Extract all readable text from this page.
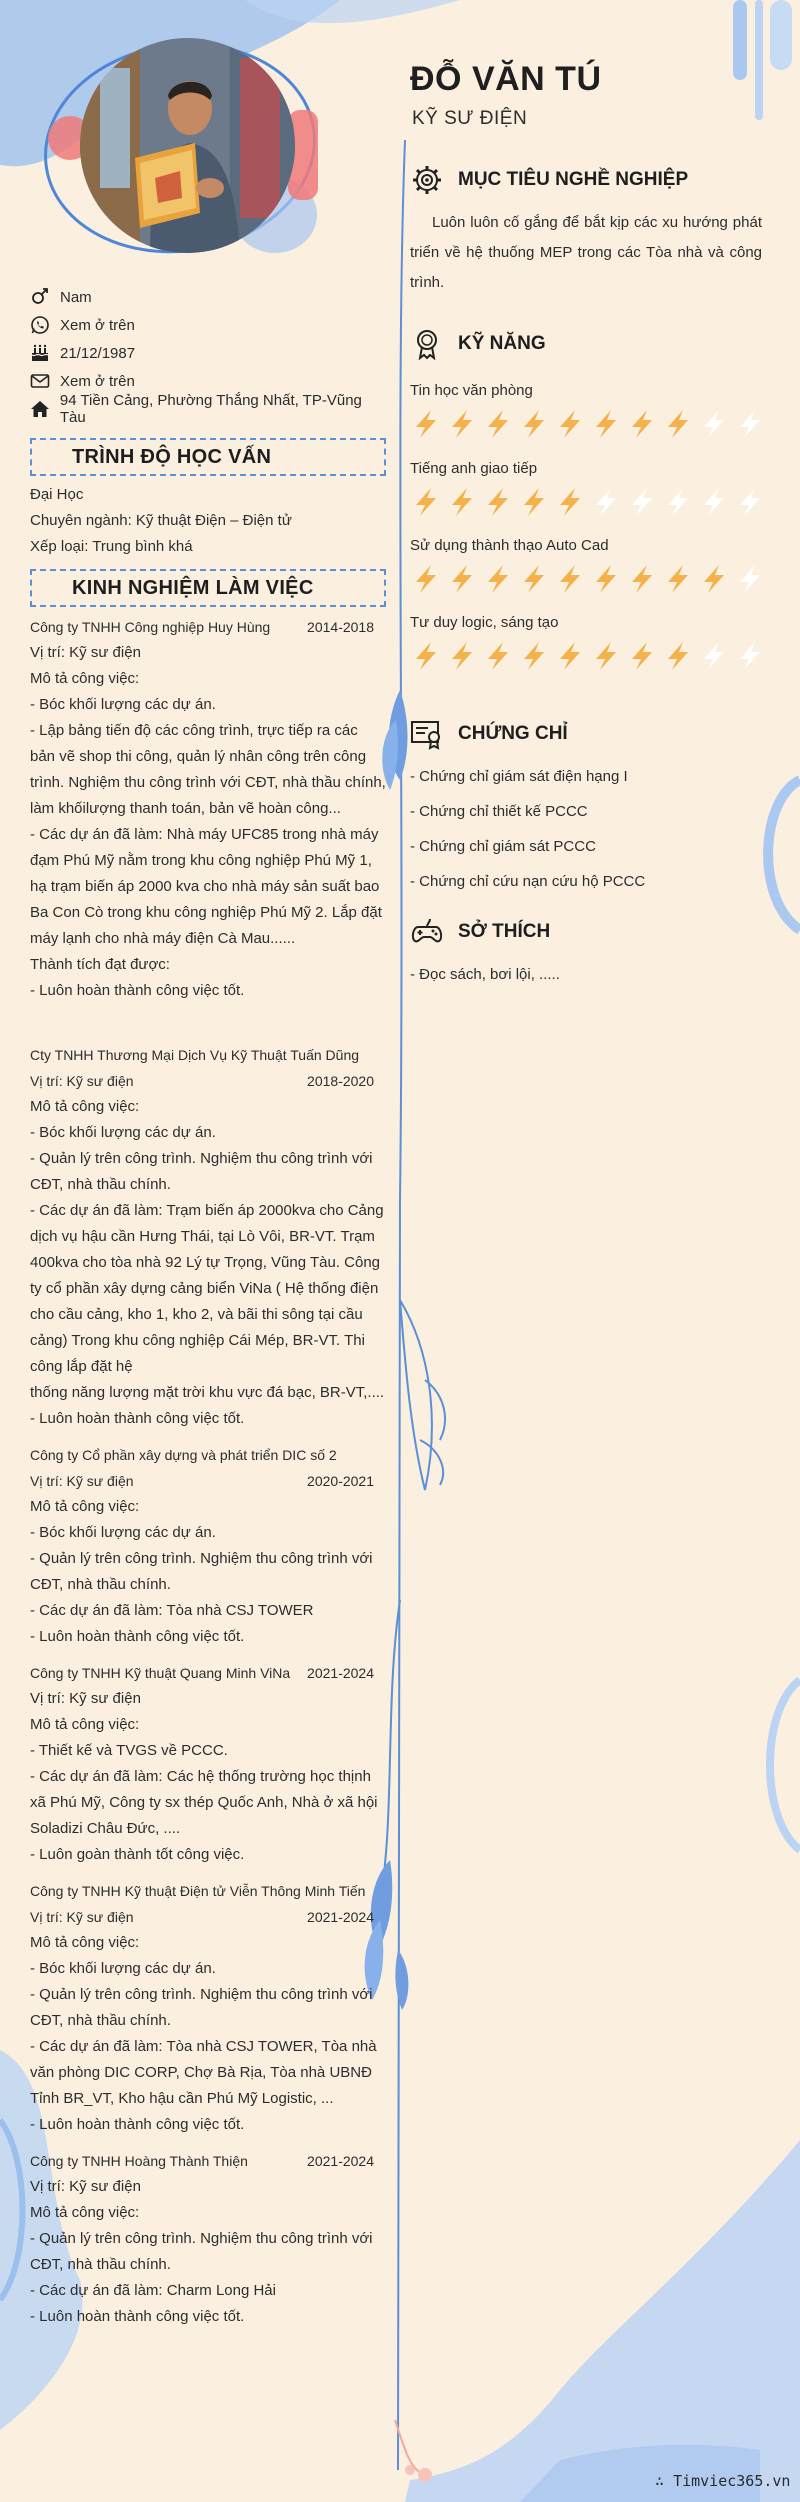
Nam
Xem ở trên
21/12/1987
Xem ở trên
94 Tiền Cảng, Phường Thắng Nhất, TP-Vũng Tàu
TRÌNH ĐỘ HỌC VẤN
Đại Học
Chuyên ngành: Kỹ thuật Điện – Điện tử
Xếp loại: Trung bình khá
KINH NGHIỆM LÀM VIỆC
Công ty TNHH Công nghiệp Huy Hùng	2014-2018
Vị trí: Kỹ sư điện
Mô tả công việc:
- Bóc khối lượng các dự án.
- Lập bảng tiến độ các công trình, trực tiếp ra các bản vẽ shop thi công, quản lý nhân công trên công trình. Nghiệm thu công trình với CĐT, nhà thầu chính, làm khốilượng thanh toán, bản vẽ hoàn công...
- Các dự án đã làm: Nhà máy UFC85 trong nhà máy đạm Phú Mỹ nằm trong khu công nghiệp Phú Mỹ 1, hạ trạm biến áp 2000 kva cho nhà máy sản suất bao Ba Con Cò trong khu công nghiệp Phú Mỹ 2. Lắp đặt máy lạnh cho nhà máy điện Cà Mau......
Thành tích đạt được:
- Luôn hoàn thành công việc tốt.
Cty TNHH Thương Mại Dịch Vụ Kỹ Thuật Tuấn Dũng
Vị trí: Kỹ sư điện	2018-2020
Mô tả công việc:
- Bóc khối lượng các dự án.
- Quản lý trên công trình. Nghiệm thu công trình với CĐT, nhà thầu chính.
- Các dự án đã làm: Trạm biến áp 2000kva cho Cảng dịch vụ hậu cần Hưng Thái, tại Lò Vôi, BR-VT. Trạm 400kva cho tòa nhà 92 Lý tự Trọng, Vũng Tàu. Công ty cổ phần xây dựng cảng biển ViNa ( Hệ thống điện cho cầu cảng, kho 1, kho 2, và bãi thi sông tại cầu cảng) Trong khu công nghiệp Cái Mép, BR-VT. Thi công lắp đặt hệ
thống năng lượng mặt trời khu vực đá bạc, BR-VT,....
- Luôn hoàn thành công việc tốt.
Công ty Cổ phần xây dựng và phát triển DIC số 2
Vị trí: Kỹ sư điện	2020-2021
Mô tả công việc:
- Bóc khối lượng các dự án.
- Quản lý trên công trình. Nghiệm thu công trình với CĐT, nhà thầu chính.
- Các dự án đã làm: Tòa nhà CSJ TOWER
- Luôn hoàn thành công việc tốt.
Công ty TNHH Kỹ thuật Quang Minh ViNa 2021-2024
Vị trí: Kỹ sư điện
Mô tả công việc:
- Thiết kế và TVGS về PCCC.
- Các dự án đã làm: Các hệ thống trường học thịnh xã Phú Mỹ, Công ty sx thép Quốc Anh, Nhà ở xã hội Soladizi Châu Đức, ....
- Luôn goàn thành tốt công việc.
Công ty TNHH Kỹ thuật Điện tử Viễn Thông Minh Tiến
Vị trí: Kỹ sư điện	2021-2024
Mô tả công việc:
- Bóc khối lượng các dự án.
- Quản lý trên công trình. Nghiệm thu công trình với CĐT, nhà thầu chính.
- Các dự án đã làm: Tòa nhà CSJ TOWER, Tòa nhà văn phòng DIC CORP, Chợ Bà Rịa, Tòa nhà UBNĐ Tỉnh BR_VT, Kho hậu cần Phú Mỹ Logistic, ...
- Luôn hoàn thành công việc tốt.
Công ty TNHH Hoàng Thành Thiện	2021-2024
Vị trí: Kỹ sư điện
Mô tả công việc:
- Quản lý trên công trình. Nghiệm thu công trình với CĐT, nhà thầu chính.
- Các dự án đã làm: Charm Long Hải
- Luôn hoàn thành công việc tốt.
ĐỖ VĂN TÚ
KỸ SƯ ĐIỆN
MỤC TIÊU NGHỀ NGHIỆP
Luôn luôn cố gắng để bắt kịp các xu hướng phát triển về hệ thuống MEP trong các Tòa nhà và công trình.
KỸ NĂNG
Tin học văn phòng
Tiếng anh giao tiếp
Sử dụng thành thạo Auto Cad
Tư duy logic, sáng tạo
CHỨNG CHỈ
- Chứng chỉ giám sát điện hạng I
- Chứng chỉ thiết kế PCCC
- Chứng chỉ giám sát PCCC
- Chứng chỉ cứu nạn cứu hộ PCCC
SỞ THÍCH
- Đọc sách, bơi lội, .....
∴ Timviec365.vn
